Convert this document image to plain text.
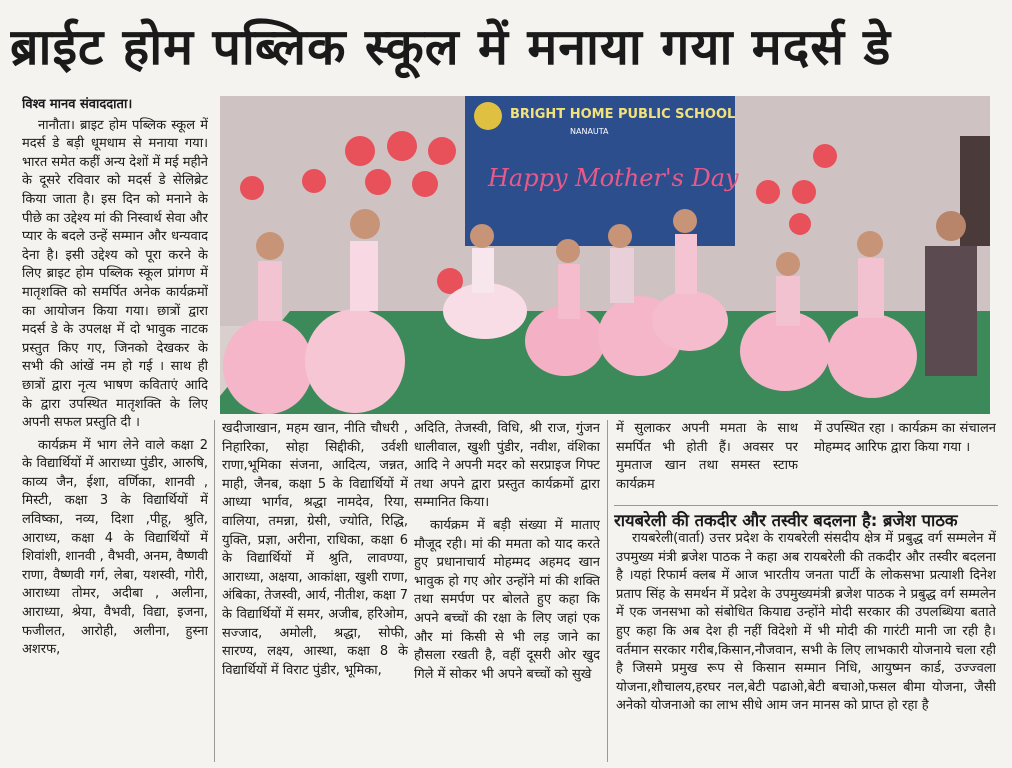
ब्राईट होम पब्लिक स्कूल में मनाया गया मदर्स डे

विश्व मानव संवाददाता।

नानौता। ब्राइट होम पब्लिक स्कूल में मदर्स डे बड़ी धूमधाम से मनाया गया। भारत समेत कहीं अन्य देशों में मई महीने के दूसरे रविवार को मदर्स डे सेलिब्रेट किया जाता है। इस दिन को मनाने के पीछे का उद्देश्य मां की निस्वार्थ सेवा और प्यार के बदले उन्हें सम्मान और धन्यवाद देना है। इसी उद्देश्य को पूरा करने के लिए ब्राइट होम पब्लिक स्कूल प्रांगण में मातृशक्ति को समर्पित अनेक कार्यक्रमों का आयोजन किया गया। छात्रों द्वारा मदर्स डे के उपलक्ष में दो भावुक नाटक प्रस्तुत किए गए, जिनको देखकर के सभी की आंखें नम हो गई । साथ ही छात्रों द्वारा नृत्य भाषण कविताएं आदि के द्वारा उपस्थित मातृशक्ति के लिए अपनी सफल प्रस्तुति दी ।

कार्यक्रम में भाग लेने वाले कक्षा 2 के विद्यार्थियों में आराध्या पुंडीर, आरुषि, काव्य जैन, ईशा, वर्णिका, शानवी , मिस्टी, कक्षा 3 के विद्यार्थियों में लविष्का, नव्य, दिशा ,पीहू, श्रुति, आराध्य, कक्षा 4 के विद्यार्थियों में शिवांशी, शानवी , वैभवी, अनम, वैष्णवी राणा, वैष्णवी गर्ग, लेबा, यशस्वी, गोरी, आराध्या तोमर, अदीबा , अलीना, आराध्या, श्रेया, वैभवी, विद्या, इजना, फजीलत, आरोही, अलीना, हुस्ना अशरफ,

BRIGHT HOME PUBLIC SCHOOL
NANAUTA
Happy Mother's Day

खदीजाखान, महम खान, नीति चौधरी , निहारिका, सोहा सिद्दीकी, उर्वशी राणा,भूमिका संजना, आदित्य, जन्नत, माही, जैनब, कक्षा 5 के विद्यार्थियों में आध्या भार्गव, श्रद्धा नामदेव, रिया, वालिया, तमन्ना, ग्रेसी, ज्योति, रिद्धि, युक्ति, प्रज्ञा, अरीना, राधिका, कक्षा 6 के विद्यार्थियों में श्रुति, लावण्या, आराध्या, अक्षया, आकांक्षा, खुशी राणा, अंबिका, तेजस्वी, आर्य, नीतीश, कक्षा 7 के विद्यार्थियों में समर, अजीब, हरिओम, सज्जाद, अमोली, श्रद्धा, सोफी, सारण्य, लक्ष्य, आस्था, कक्षा 8 के विद्यार्थियों में विराट पुंडीर, भूमिका,

अदिति, तेजस्वी, विधि, श्री राज, गुंजन धालीवाल, खुशी पुंडीर, नवीश, वंशिका आदि ने अपनी मदर को सरप्राइज गिफ्ट तथा अपने द्वारा प्रस्तुत कार्यक्रमों द्वारा सम्मानित किया।

कार्यक्रम में बड़ी संख्या में माताए मौजूद रही। मां की ममता को याद करते हुए प्रधानाचार्य मोहम्मद अहमद खान भावुक हो गए ओर उन्होंने मां की शक्ति तथा समर्पण पर बोलते हुए कहा कि अपने बच्चों की रक्षा के लिए जहां एक और मां किसी से भी लड़ जाने का हौसला रखती है, वहीं दूसरी ओर खुद गिले में सोकर भी अपने बच्चों को सुखे

में सुलाकर अपनी ममता के साथ समर्पित भी होती हैं। अवसर पर मुमताज खान तथा समस्त स्टाफ कार्यक्रम
में उपस्थित रहा । कार्यक्रम का संचालन मोहम्मद आरिफ द्वारा किया गया ।
रायबरेली की तकदीर और तस्वीर बदलना है: ब्रजेश पाठक

रायबरेली(वार्ता) उत्तर प्रदेश के रायबरेली संसदीय क्षेत्र में प्रबुद्ध वर्ग सम्मलेन में उपमुख्य मंत्री ब्रजेश पाठक ने कहा अब रायबरेली की तकदीर और तस्वीर बदलना है ।यहां रिफार्म क्लब में आज भारतीय जनता पार्टी के लोकसभा प्रत्याशी दिनेश प्रताप सिंह के समर्थन में प्रदेश के उपमुख्यमंत्री ब्रजेश पाठक ने प्रबुद्ध वर्ग सम्मलेन में एक जनसभा को संबोधित कियाद्य उन्होंने मोदी सरकार की उपलब्धिया बताते हुए कहा कि अब देश ही नहीं विदेशो में भी मोदी की गारंटी मानी जा रही है। वर्तमान सरकार गरीब,किसान,नौजवान, सभी के लिए लाभकारी योजनाये चला रही है जिसमे प्रमुख रूप से किसान सम्मान निधि, आयुष्मन कार्ड, उज्ज्वला योजना,शौचालय,हरघर नल,बेटी पढाओ,बेटी बचाओ,फसल बीमा योजना, जैसी अनेको योजनाओ का लाभ सीधे आम जन मानस को प्राप्त हो रहा है
